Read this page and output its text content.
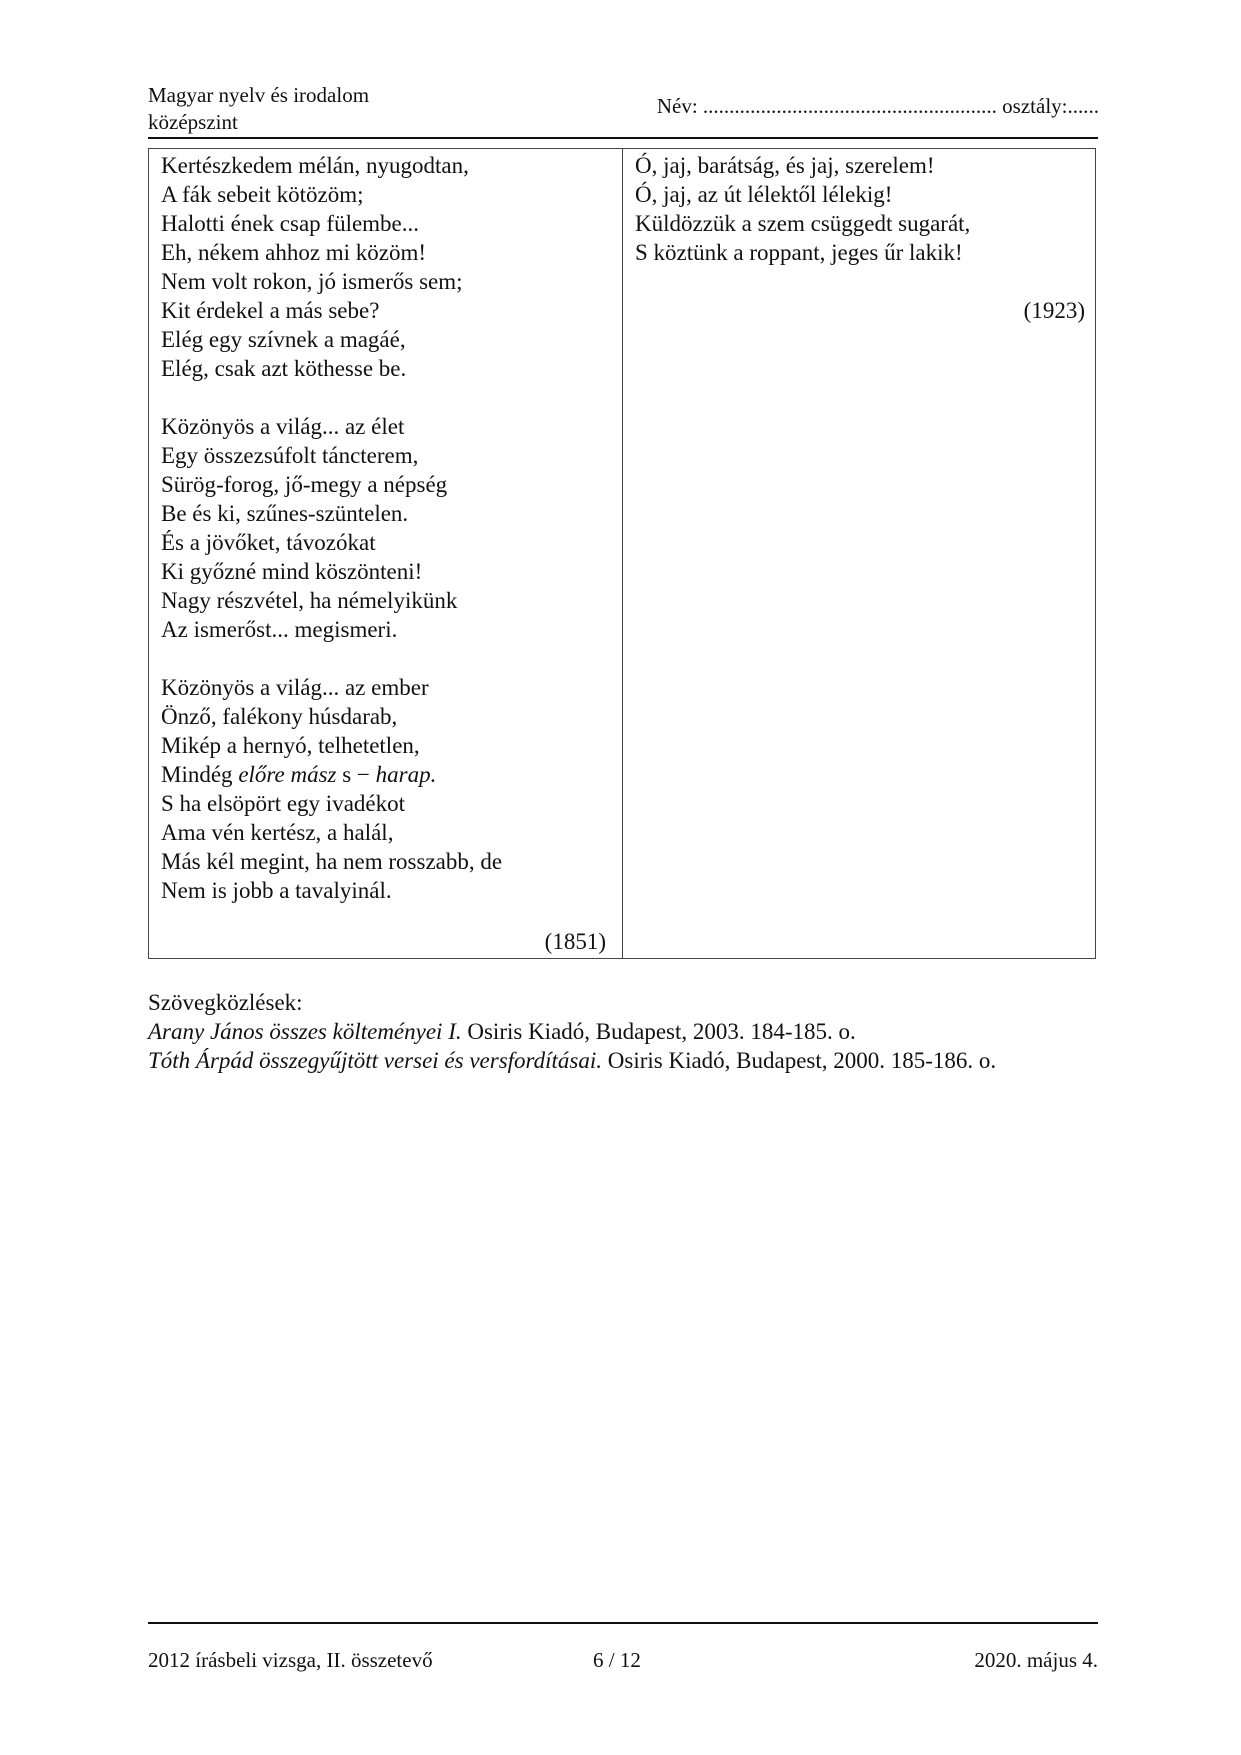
Magyar nyelv és irodalom
középszint
Név: ........................................................ osztály:......
Kertészkedem mélán, nyugodtan,
A fák sebeit kötözöm;
Halotti ének csap fülembe...
Eh, nékem ahhoz mi közöm!
Nem volt rokon, jó ismerős sem;
Kit érdekel a más sebe?
Elég egy szívnek a magáé,
Elég, csak azt köthesse be.
Közönyös a világ... az élet
Egy összezsúfolt táncterem,
Sürög-forog, jő-megy a népség
Be és ki, szűnes-szüntelen.
És a jövőket, távozókat
Ki győzné mind köszönteni!
Nagy részvétel, ha némelyikünk
Az ismerőst... megismeri.
Közönyös a világ... az ember
Önző, falékony húsdarab,
Mikép a hernyó, telhetetlen,
Mindég előre mász s − harap.
S ha elsöpört egy ivadékot
Ama vén kertész, a halál,
Más kél megint, ha nem rosszabb, de
Nem is jobb a tavalyinál.
(1851)
Ó, jaj, barátság, és jaj, szerelem!
Ó, jaj, az út lélektől lélekig!
Küldözzük a szem csüggedt sugarát,
S köztünk a roppant, jeges űr lakik!
(1923)
Szövegközlések:
Arany János összes költeményei I. Osiris Kiadó, Budapest, 2003. 184-185. o.
Tóth Árpád összegyűjtött versei és versfordításai. Osiris Kiadó, Budapest, 2000. 185-186. o.
2012 írásbeli vizsga, II. összetevő	6 / 12	2020. május 4.
